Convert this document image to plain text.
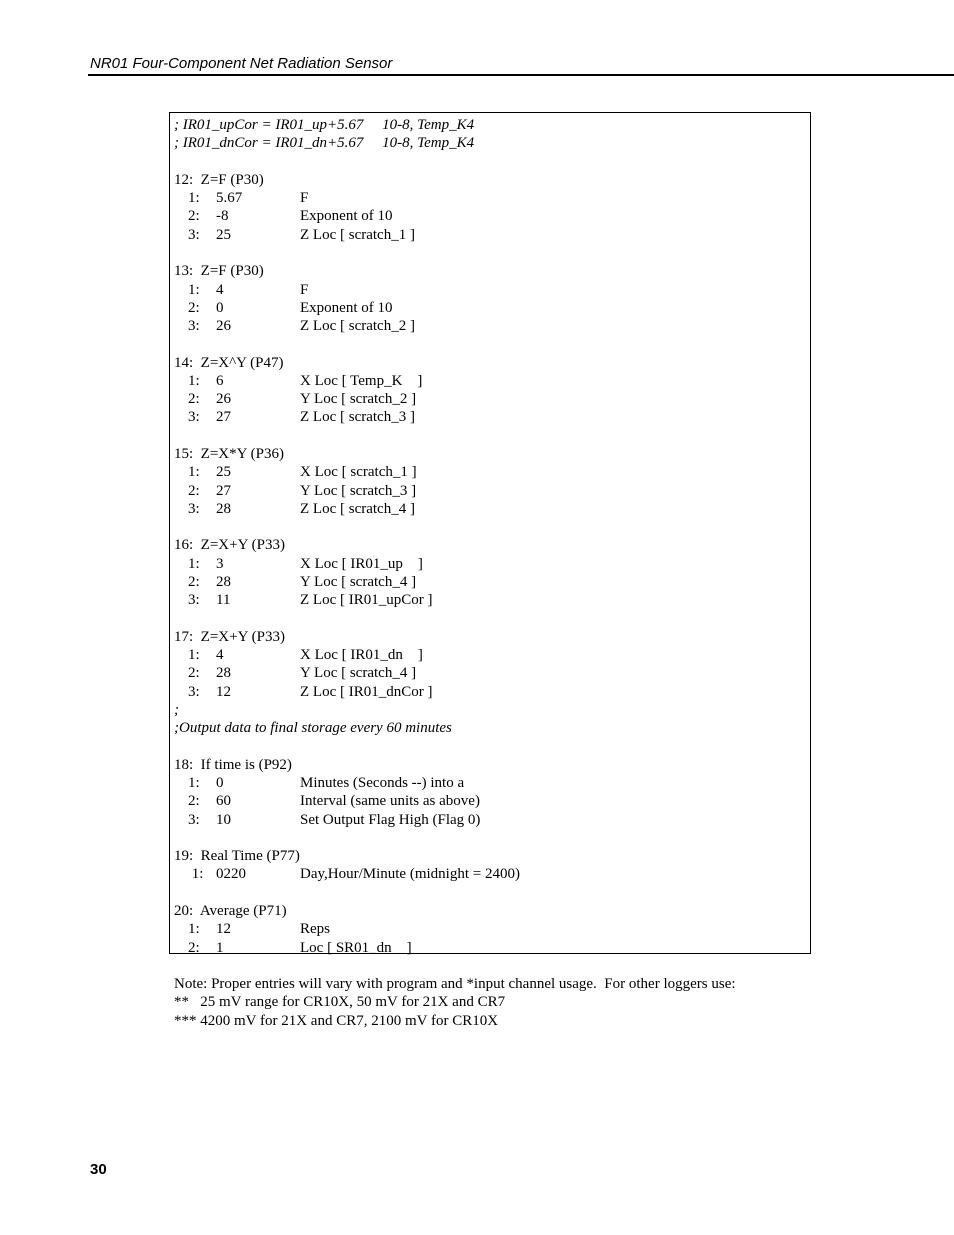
NR01 Four-Component Net Radiation Sensor
; IR01_upCor = IR01_up+5.67     10-8, Temp_K4
; IR01_dnCor = IR01_dn+5.67     10-8, Temp_K4
12:  Z=F (P30)
1: 5.67	F
2: -8	Exponent of 10
3: 25	Z Loc [ scratch_1 ]
13:  Z=F (P30)
1: 4	F
2: 0	Exponent of 10
3: 26	Z Loc [ scratch_2 ]
14:  Z=X^Y (P47)
1: 6	X Loc [ Temp_K    ]
2: 26	Y Loc [ scratch_2 ]
3: 27	Z Loc [ scratch_3 ]
15:  Z=X*Y (P36)
1: 25	X Loc [ scratch_1 ]
2: 27	Y Loc [ scratch_3 ]
3: 28	Z Loc [ scratch_4 ]
16:  Z=X+Y (P33)
1: 3	X Loc [ IR01_up    ]
2: 28	Y Loc [ scratch_4 ]
3: 11	Z Loc [ IR01_upCor ]
17:  Z=X+Y (P33)
1: 4	X Loc [ IR01_dn    ]
2: 28	Y Loc [ scratch_4 ]
3: 12	Z Loc [ IR01_dnCor ]
;
;Output data to final storage every 60 minutes
18:  If time is (P92)
1: 0	Minutes (Seconds --) into a
2: 60	Interval (same units as above)
3: 10	Set Output Flag High (Flag 0)
19:  Real Time (P77)
1: 0220	Day,Hour/Minute (midnight = 2400)
20:  Average (P71)
1: 12	Reps
2: 1	Loc [ SR01_dn    ]
Note: Proper entries will vary with program and *input channel usage.  For other loggers use:
**   25 mV range for CR10X, 50 mV for 21X and CR7
*** 4200 mV for 21X and CR7, 2100 mV for CR10X
30
